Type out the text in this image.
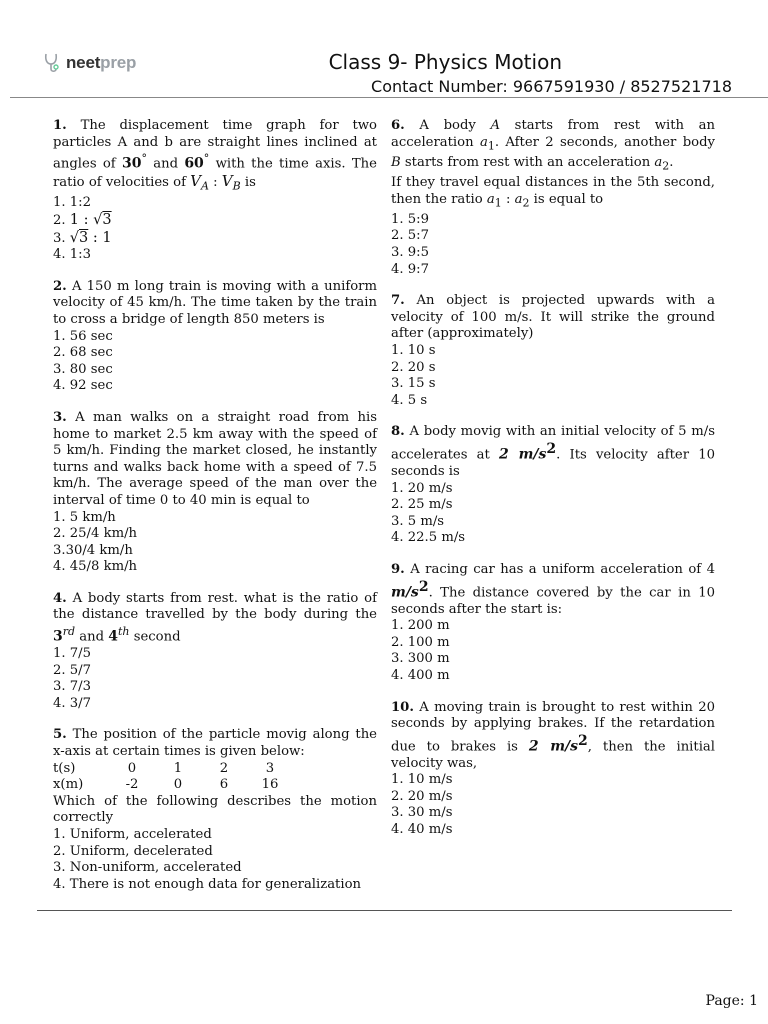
neetprep	Class 9- Physics Motion
Contact Number: 9667591930 / 8527521718
1. The displacement time graph for two particles A and b are straight lines inclined at angles of 30° and 60° with the time axis. The ratio of velocities of $V_A$ : $V_B$ is
1. 1:2
2. 1 : √3
3. √3 : 1
4. 1:3
2. A 150 m long train is moving with a uniform velocity of 45 km/h. The time taken by the train to cross a bridge of length 850 meters is
1. 56 sec
2. 68 sec
3. 80 sec
4. 92 sec
3. A man walks on a straight road from his home to market 2.5 km away with the speed of 5 km/h. Finding the market closed, he instantly turns and walks back home with a speed of 7.5 km/h. The average speed of the man over the interval of time 0 to 40 min is equal to
1. 5 km/h
2. 25/4 km/h
3.30/4 km/h
4. 45/8 km/h
4. A body starts from rest. what is the ratio of the distance travelled by the body during the 3rd and 4th second
1. 7/5
2. 5/7
3. 7/3
4. 3/7
5. The position of the particle movig along the x-axis at certain times is given below:
t(s)	0	1	2	3
x(m)	-2	0	6	16
Which of the following describes the motion correctly
1. Uniform, accelerated
2. Uniform, decelerated
3. Non-uniform, accelerated
4. There is not enough data for generalization
6. A body A starts from rest with an acceleration $a_1$. After 2 seconds, another body B starts from rest with an acceleration $a_2$.
If they travel equal distances in the 5th second, then the ratio $a_1$ : $a_2$ is equal to
1. 5:9
2. 5:7
3. 9:5
4. 9:7
7. An object is projected upwards with a velocity of 100 m/s. It will strike the ground after (approximately)
1. 10 s
2. 20 s
3. 15 s
4. 5 s
8. A body movig with an initial velocity of 5 m/s accelerates at 2 $m/s^2$. Its velocity after 10 seconds is
1. 20 m/s
2. 25 m/s
3. 5 m/s
4. 22.5 m/s
9. A racing car has a uniform acceleration of 4 $m/s^2$. The distance covered by the car in 10 seconds after the start is:
1. 200 m
2. 100 m
3. 300 m
4. 400 m
10. A moving train is brought to rest within 20 seconds by applying brakes. If the retardation due to brakes is 2 $m/s^2$, then the initial velocity was,
1. 10 m/s
2. 20 m/s
3. 30 m/s
4. 40 m/s
Page: 1
